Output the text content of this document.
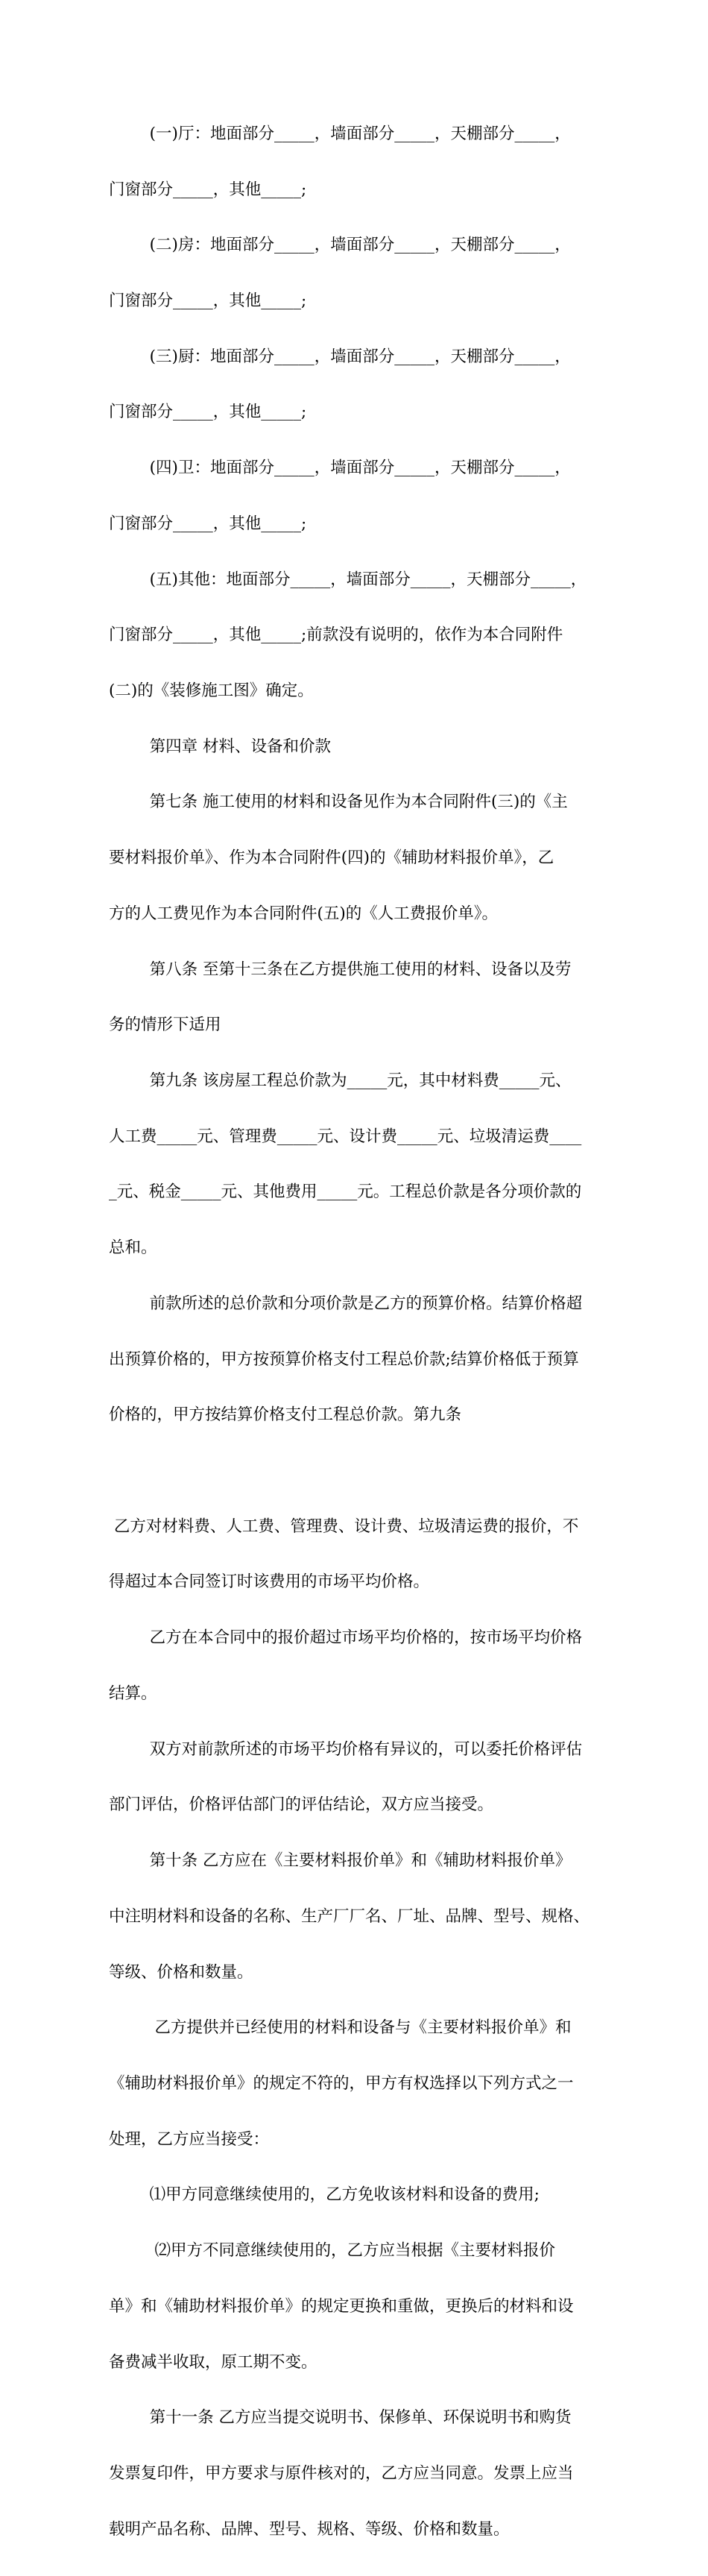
(一)厅：地面部分_____，墙面部分_____，天棚部分_____，

门窗部分_____，其他_____;

(二)房：地面部分_____，墙面部分_____，天棚部分_____，

门窗部分_____，其他_____;

(三)厨：地面部分_____，墙面部分_____，天棚部分_____，

门窗部分_____，其他_____;

(四)卫：地面部分_____，墙面部分_____，天棚部分_____，

门窗部分_____，其他_____;

(五)其他：地面部分_____，墙面部分_____，天棚部分_____，

门窗部分_____，其他_____;前款没有说明的，依作为本合同附件

(二)的《装修施工图》确定。

第四章 材料、设备和价款

第七条 施工使用的材料和设备见作为本合同附件(三)的《主

要材料报价单》、作为本合同附件(四)的《辅助材料报价单》，乙

方的人工费见作为本合同附件(五)的《人工费报价单》。

第八条 至第十三条在乙方提供施工使用的材料、设备以及劳

务的情形下适用

第九条 该房屋工程总价款为_____元，其中材料费_____元、

人工费_____元、管理费_____元、设计费_____元、垃圾清运费____

_元、税金_____元、其他费用_____元。工程总价款是各分项价款的

总和。

前款所述的总价款和分项价款是乙方的预算价格。结算价格超

出预算价格的，甲方按预算价格支付工程总价款;结算价格低于预算

价格的，甲方按结算价格支付工程总价款。第九条

乙方对材料费、人工费、管理费、设计费、垃圾清运费的报价，不

得超过本合同签订时该费用的市场平均价格。

乙方在本合同中的报价超过市场平均价格的，按市场平均价格

结算。

双方对前款所述的市场平均价格有异议的，可以委托价格评估

部门评估，价格评估部门的评估结论，双方应当接受。

第十条 乙方应在《主要材料报价单》和《辅助材料报价单》

中注明材料和设备的名称、生产厂厂名、厂址、品牌、型号、规格、

等级、价格和数量。

乙方提供并已经使用的材料和设备与《主要材料报价单》和

《辅助材料报价单》的规定不符的，甲方有权选择以下列方式之一

处理，乙方应当接受：

⑴甲方同意继续使用的，乙方免收该材料和设备的费用;

⑵甲方不同意继续使用的，乙方应当根据《主要材料报价

单》和《辅助材料报价单》的规定更换和重做，更换后的材料和设

备费减半收取，原工期不变。

第十一条 乙方应当提交说明书、保修单、环保说明书和购货

发票复印件，甲方要求与原件核对的，乙方应当同意。发票上应当

载明产品名称、品牌、型号、规格、等级、价格和数量。
